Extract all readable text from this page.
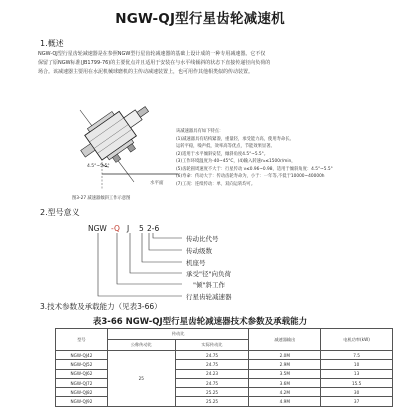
NGW-QJ型行星齿轮减速机
1.概述
NGW-QJ型行星齿轮减速器是在参照NGW型行星齿轮减速器的基础上设计成的一种专用减速器。它不仅
保留了原NGW标准(JB1799-76)的主要优点并且适用于安装在与水平线倾斜的状态下直接传递径向负荷的
场合。该减速器主要用在水泥机械球磨机的主传动减速装置上，也可用作其他相类似的传动装置。
4.5°~5.5°
水平面
图3-27 减速器倾斜工作示意图
该减速器具有如下特点：
(1)减速器具有结构紧凑，重量轻，承受能力高，使用寿命长。
运转平稳，噪声低，效率高等优点，节能效果显著。
(2)适用于水平倾斜安装，倾斜角度4.5°~5.5°。
(3)工作环境温度为-40~45°C，(4)输入转速n₁≤1500r/min，
(5)齿轮圆周速度不大于：行星传动 v≤0.96~0.98，适用于倾斜角度：4.5°~5.5°
(6)寿命：传动大于：传动齿轮寿命为，小于：一年等,不低于10000~40000h
(7)工况：连续传动：单、双向运转均可。
2.型号意义
NGW -Q J 5 2-6
传动比代号
传动级数
机座号
承受"径"向负荷
"倾"斜工作
行星齿轮减速器
3.技术参数及承载能力（见表3-66）
表3-66 NGW-QJ型行星齿轮减速器技术参数及承载能力
型号	传动比		减速器输出	电机功率(kW)
	公称传动比	实际传动比		
NGW-QJ42	25	24.75	2.0M	7.5
NGW-QJ52		24.75	2.9M	10
NGW-QJ62		24.23	3.5M	13
NGW-QJ72		24.75	3.6M	15.5
NGW-QJ82		25.25	4.2M	30
NGW-QJ92		25.25	4.9M	37
